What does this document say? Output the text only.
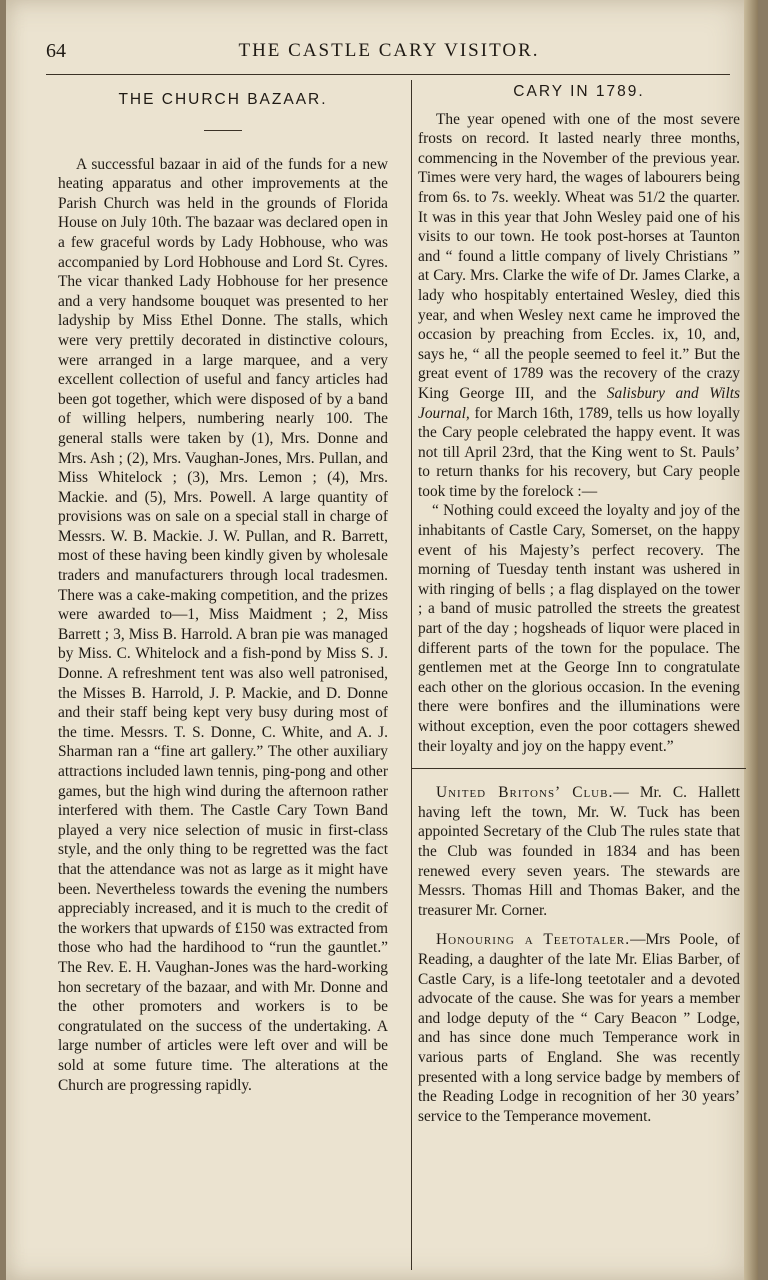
64	THE CASTLE CARY VISITOR.
THE CHURCH BAZAAR.

A successful bazaar in aid of the funds for a new heating apparatus and other improvements at the Parish Church was held in the grounds of Florida House on July 10th. The bazaar was declared open in a few graceful words by Lady Hobhouse, who was accompanied by Lord Hobhouse and Lord St. Cyres. The vicar thanked Lady Hobhouse for her presence and a very handsome bouquet was presented to her ladyship by Miss Ethel Donne. The stalls, which were very prettily decorated in distinctive colours, were arranged in a large marquee, and a very excellent collection of useful and fancy articles had been got together, which were disposed of by a band of willing helpers, numbering nearly 100. The general stalls were taken by (1), Mrs. Donne and Mrs. Ash ; (2), Mrs. Vaughan-Jones, Mrs. Pullan, and Miss Whitelock ; (3), Mrs. Lemon ; (4), Mrs. Mackie. and (5), Mrs. Powell. A large quantity of provisions was on sale on a special stall in charge of Messrs. W. B. Mackie. J. W. Pullan, and R. Barrett, most of these having been kindly given by wholesale traders and manufacturers through local tradesmen. There was a cake-making competition, and the prizes were awarded to—1, Miss Maidment ; 2, Miss Barrett ; 3, Miss B. Harrold. A bran pie was managed by Miss. C. Whitelock and a fish-pond by Miss S. J. Donne. A refreshment tent was also well patronised, the Misses B. Harrold, J. P. Mackie, and D. Donne and their staff being kept very busy during most of the time. Messrs. T. S. Donne, C. White, and A. J. Sharman ran a “fine art gallery.” The other auxiliary attractions included lawn tennis, ping-pong and other games, but the high wind during the afternoon rather interfered with them. The Castle Cary Town Band played a very nice selection of music in first-class style, and the only thing to be regretted was the fact that the attendance was not as large as it might have been. Nevertheless towards the evening the numbers appreciably increased, and it is much to the credit of the workers that upwards of £150 was extracted from those who had the hardihood to “run the gauntlet.” The Rev. E. H. Vaughan-Jones was the hard-working hon secretary of the bazaar, and with Mr. Donne and the other promoters and workers is to be congratulated on the success of the undertaking. A large number of articles were left over and will be sold at some future time. The alterations at the Church are progressing rapidly.

CARY IN 1789.

The year opened with one of the most severe frosts on record. It lasted nearly three months, commencing in the November of the previous year. Times were very hard, the wages of labourers being from 6s. to 7s. weekly. Wheat was 51/2 the quarter. It was in this year that John Wesley paid one of his visits to our town. He took post-horses at Taunton and “ found a little company of lively Christians ” at Cary. Mrs. Clarke the wife of Dr. James Clarke, a lady who hospitably entertained Wesley, died this year, and when Wesley next came he improved the occasion by preaching from Eccles. ix, 10, and, says he, “ all the people seemed to feel it.” But the great event of 1789 was the recovery of the crazy King George III, and the Salisbury and Wilts Journal, for March 16th, 1789, tells us how loyally the Cary people celebrated the happy event. It was not till April 23rd, that the King went to St. Pauls’ to return thanks for his recovery, but Cary people took time by the forelock :—

“ Nothing could exceed the loyalty and joy of the inhabitants of Castle Cary, Somerset, on the happy event of his Majesty’s perfect recovery. The morning of Tuesday tenth instant was ushered in with ringing of bells ; a flag displayed on the tower ; a band of music patrolled the streets the greatest part of the day ; hogsheads of liquor were placed in different parts of the town for the populace. The gentlemen met at the George Inn to congratulate each other on the glorious occasion. In the evening there were bonfires and the illuminations were without exception, even the poor cottagers shewed their loyalty and joy on the happy event.”

United Britons’ Club.— Mr. C. Hallett having left the town, Mr. W. Tuck has been appointed Secretary of the Club The rules state that the Club was founded in 1834 and has been renewed every seven years. The stewards are Messrs. Thomas Hill and Thomas Baker, and the treasurer Mr. Corner.

Honouring a Teetotaler.—Mrs Poole, of Reading, a daughter of the late Mr. Elias Barber, of Castle Cary, is a life-long teetotaler and a devoted advocate of the cause. She was for years a member and lodge deputy of the “ Cary Beacon ” Lodge, and has since done much Temperance work in various parts of England. She was recently presented with a long service badge by members of the Reading Lodge in recognition of her 30 years’ service to the Temperance movement.
